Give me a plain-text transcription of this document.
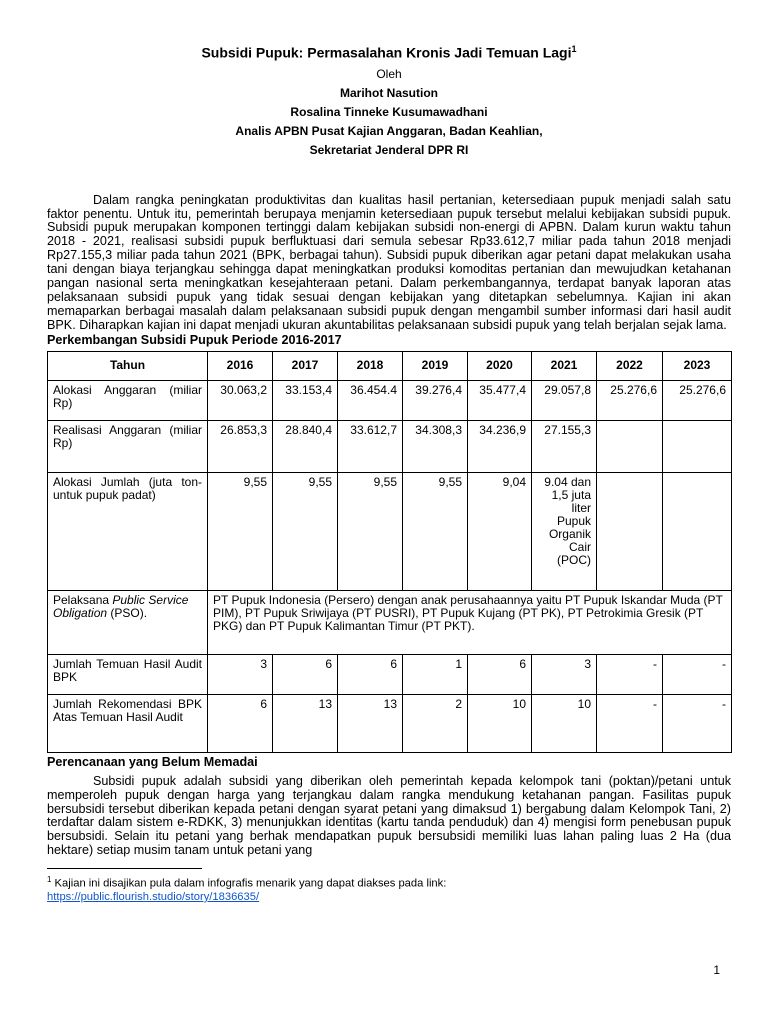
Subsidi Pupuk: Permasalahan Kronis Jadi Temuan Lagi$^1$

Oleh
Marihot Nasution
Rosalina Tinneke Kusumawadhani
Analis APBN Pusat Kajian Anggaran, Badan Keahlian,
Sekretariat Jenderal DPR RI

Dalam rangka peningkatan produktivitas dan kualitas hasil pertanian, ketersediaan pupuk menjadi salah satu faktor penentu. Untuk itu, pemerintah berupaya menjamin ketersediaan pupuk tersebut melalui kebijakan subsidi pupuk. Subsidi pupuk merupakan komponen tertinggi dalam kebijakan subsidi non-energi di APBN. Dalam kurun waktu tahun 2018 - 2021, realisasi subsidi pupuk berfluktuasi dari semula sebesar Rp33.612,7 miliar pada tahun 2018 menjadi Rp27.155,3 miliar pada tahun 2021 (BPK, berbagai tahun). Subsidi pupuk diberikan agar petani dapat melakukan usaha tani dengan biaya terjangkau sehingga dapat meningkatkan produksi komoditas pertanian dan mewujudkan ketahanan pangan nasional serta meningkatkan kesejahteraan petani. Dalam perkembangannya, terdapat banyak laporan atas pelaksanaan subsidi pupuk yang tidak sesuai dengan kebijakan yang ditetapkan sebelumnya. Kajian ini akan memaparkan berbagai masalah dalam pelaksanaan subsidi pupuk dengan mengambil sumber informasi dari hasil audit BPK. Diharapkan kajian ini dapat menjadi ukuran akuntabilitas pelaksanaan subsidi pupuk yang telah berjalan sejak lama.

Perkembangan Subsidi Pupuk Periode 2016-2017

Tahun	2016	2017	2018	2019	2020	2021	2022	2023
Alokasi Anggaran (miliar Rp)	30.063,2	33.153,4	36.454.4	39.276,4	35.477,4	29.057,8	25.276,6	25.276,6
Realisasi Anggaran (miliar Rp)	26.853,3	28.840,4	33.612,7	34.308,3	34.236,9	27.155,3		
Alokasi Jumlah (juta ton-untuk pupuk padat)	9,55	9,55	9,55	9,55	9,04	9.04 dan 1,5 juta liter Pupuk Organik Cair (POC)		
Pelaksana Public Service Obligation (PSO).	PT Pupuk Indonesia (Persero) dengan anak perusahaannya yaitu PT Pupuk Iskandar Muda (PT PIM), PT Pupuk Sriwijaya (PT PUSRI), PT Pupuk Kujang (PT PK), PT Petrokimia Gresik (PT PKG) dan PT Pupuk Kalimantan Timur (PT PKT).							
Jumlah Temuan Hasil Audit BPK	3	6	6	1	6	3	-	-
Jumlah Rekomendasi BPK Atas Temuan Hasil Audit	6	13	13	2	10	10	-	-

Perencanaan yang Belum Memadai

Subsidi pupuk adalah subsidi yang diberikan oleh pemerintah kepada kelompok tani (poktan)/petani untuk memperoleh pupuk dengan harga yang terjangkau dalam rangka mendukung ketahanan pangan. Fasilitas pupuk bersubsidi tersebut diberikan kepada petani dengan syarat petani yang dimaksud 1) bergabung dalam Kelompok Tani, 2) terdaftar dalam sistem e-RDKK, 3) menunjukkan identitas (kartu tanda penduduk) dan 4) mengisi form penebusan pupuk bersubsidi. Selain itu petani yang berhak mendapatkan pupuk bersubsidi memiliki luas lahan paling luas 2 Ha (dua hektare) setiap musim tanam untuk petani yang

$^1$ Kajian ini disajikan pula dalam infografis menarik yang dapat diakses pada link:
https://public.flourish.studio/story/1836635/
1
